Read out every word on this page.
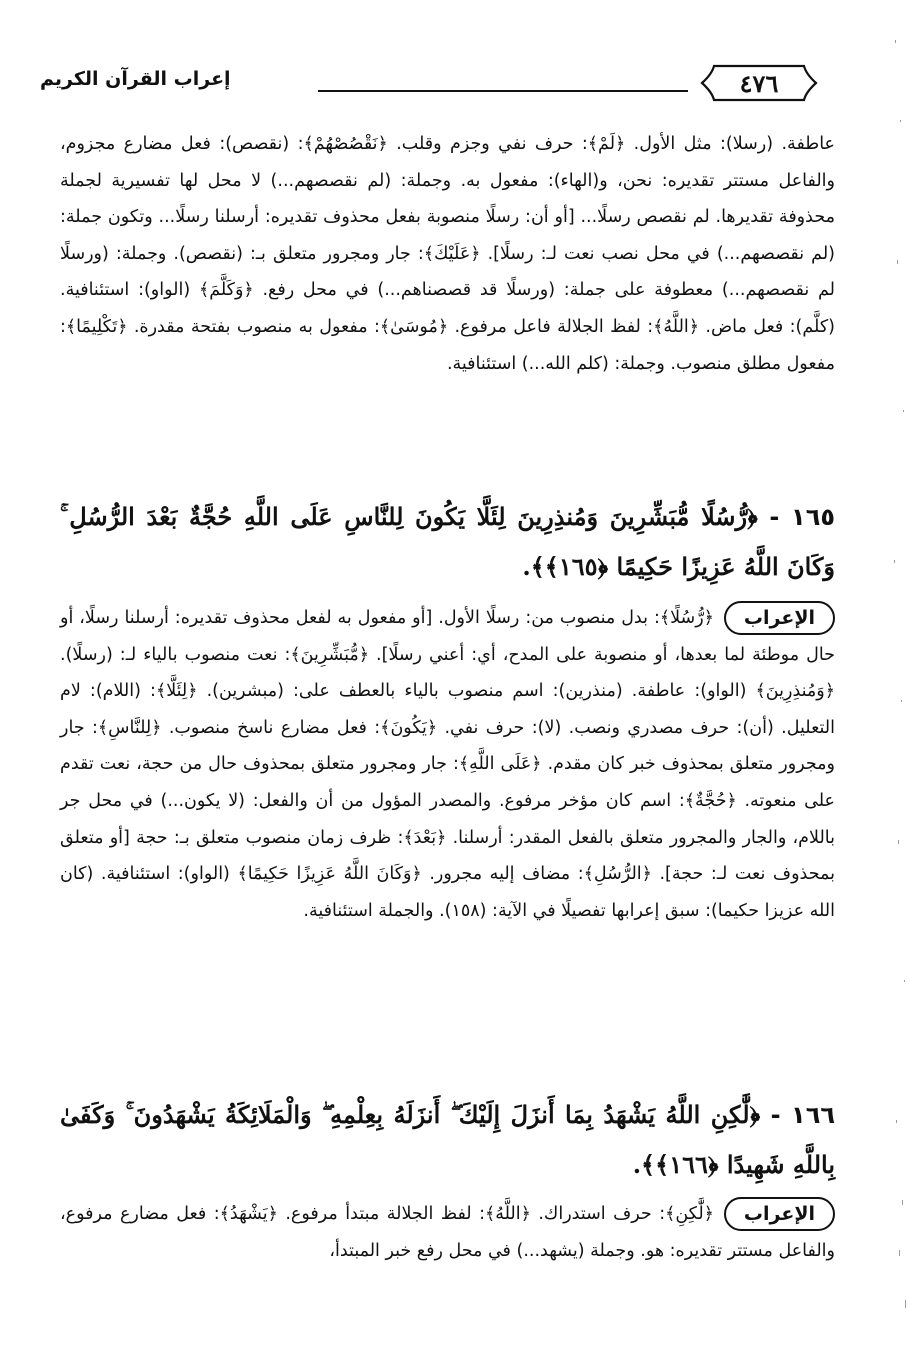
٤٧٦
إعراب القرآن الكريم

عاطفة. (رسلا): مثل الأول. ﴿لَمْ﴾: حرف نفي وجزم وقلب. ﴿نَقْصُصْهُمْ﴾: (نقصص): فعل مضارع مجزوم، والفاعل مستتر تقديره: نحن، و(الهاء): مفعول به. وجملة: (لم نقصصهم...) لا محل لها تفسيرية لجملة محذوفة تقديرها. لم نقصص رسلًا... [أو أن: رسلًا منصوبة بفعل محذوف تقديره: أرسلنا رسلًا... وتكون جملة: (لم نقصصهم...) في محل نصب نعت لـ: رسلًا]. ﴿عَلَيْكَ﴾: جار ومجرور متعلق بـ: (نقصص). وجملة: (ورسلًا لم نقصصهم...) معطوفة على جملة: (ورسلًا قد قصصناهم...) في محل رفع. ﴿وَكَلَّمَ﴾ (الواو): استئنافية. (كلَّم): فعل ماض. ﴿اللَّهُ﴾: لفظ الجلالة فاعل مرفوع. ﴿مُوسَىٰ﴾: مفعول به منصوب بفتحة مقدرة. ﴿تَكْلِيمًا﴾: مفعول مطلق منصوب. وجملة: (كلم الله...) استئنافية.

١٦٥ - ﴿رُّسُلًا مُّبَشِّرِينَ وَمُنذِرِينَ لِئَلَّا يَكُونَ لِلنَّاسِ عَلَى اللَّهِ حُجَّةٌ بَعْدَ الرُّسُلِ ۚ وَكَانَ اللَّهُ عَزِيزًا حَكِيمًا ﴿١٦٥﴾﴾.

الإعراب﴿رُّسُلًا﴾: بدل منصوب من: رسلًا الأول. [أو مفعول به لفعل محذوف تقديره: أرسلنا رسلًا، أو حال موطئة لما بعدها، أو منصوبة على المدح، أي: أعني رسلًا]. ﴿مُّبَشِّرِينَ﴾: نعت منصوب بالياء لـ: (رسلًا). ﴿وَمُنذِرِينَ﴾ (الواو): عاطفة. (منذرين): اسم منصوب بالياء بالعطف على: (مبشرين). ﴿لِئَلَّا﴾: (اللام): لام التعليل. (أن): حرف مصدري ونصب. (لا): حرف نفي. ﴿يَكُونَ﴾: فعل مضارع ناسخ منصوب. ﴿لِلنَّاسِ﴾: جار ومجرور متعلق بمحذوف خبر كان مقدم. ﴿عَلَى اللَّهِ﴾: جار ومجرور متعلق بمحذوف حال من حجة، نعت تقدم على منعوته. ﴿حُجَّةٌ﴾: اسم كان مؤخر مرفوع. والمصدر المؤول من أن والفعل: (لا يكون...) في محل جر باللام، والجار والمجرور متعلق بالفعل المقدر: أرسلنا. ﴿بَعْدَ﴾: ظرف زمان منصوب متعلق بـ: حجة [أو متعلق بمحذوف نعت لـ: حجة]. ﴿الرُّسُلِ﴾: مضاف إليه مجرور. ﴿وَكَانَ اللَّهُ عَزِيزًا حَكِيمًا﴾ (الواو): استئنافية. (كان الله عزيزا حكيما): سبق إعرابها تفصيلًا في الآية: (١٥٨). والجملة استئنافية.

١٦٦ - ﴿لَّٰكِنِ اللَّهُ يَشْهَدُ بِمَا أَنزَلَ إِلَيْكَ ۖ أَنزَلَهُ بِعِلْمِهِ ۖ وَالْمَلَائِكَةُ يَشْهَدُونَ ۚ وَكَفَىٰ بِاللَّهِ شَهِيدًا ﴿١٦٦﴾﴾.

الإعراب﴿لَّٰكِنِ﴾: حرف استدراك. ﴿اللَّهُ﴾: لفظ الجلالة مبتدأ مرفوع. ﴿يَشْهَدُ﴾: فعل مضارع مرفوع، والفاعل مستتر تقديره: هو. وجملة (يشهد...) في محل رفع خبر المبتدأ،
